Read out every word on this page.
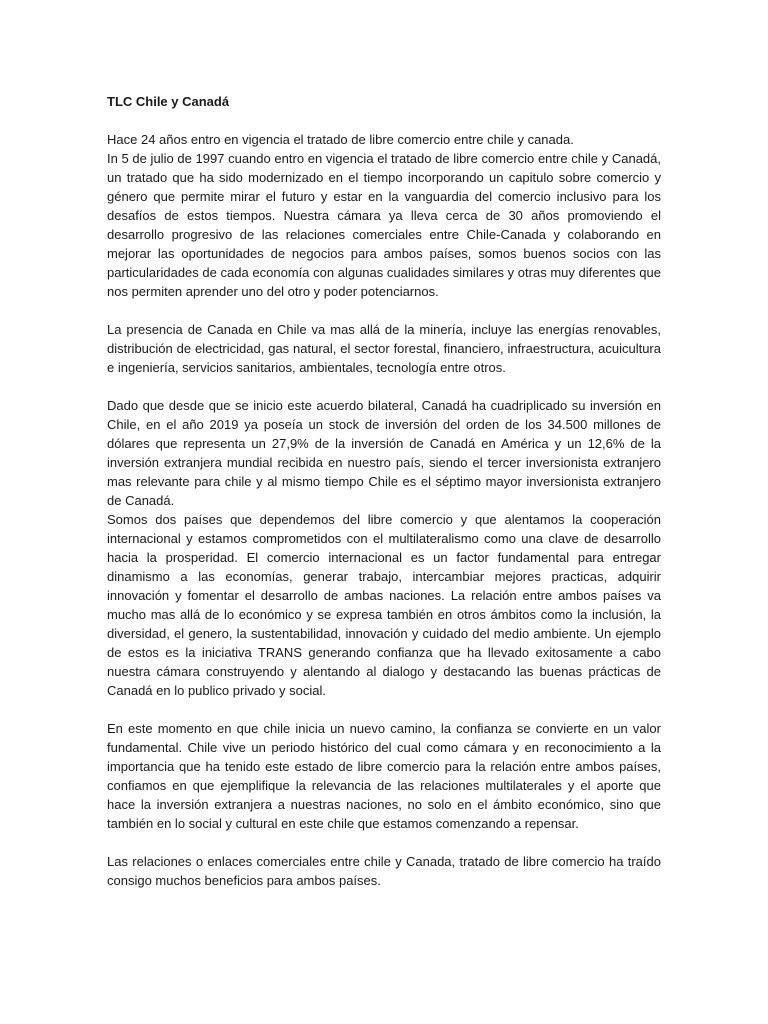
TLC Chile y Canadá

Hace 24 años entro en vigencia el tratado de libre comercio entre chile y canada.

In 5 de julio de 1997 cuando entro en vigencia el tratado de libre comercio entre chile y Canadá, un tratado que ha sido modernizado en el tiempo incorporando un capitulo sobre comercio y género que permite mirar el futuro y estar en la vanguardia del comercio inclusivo para los desafíos de estos tiempos. Nuestra cámara ya lleva cerca de 30 años promoviendo el desarrollo progresivo de las relaciones comerciales entre Chile-Canada y colaborando en mejorar las oportunidades de negocios para ambos países, somos buenos socios con las particularidades de cada economía con algunas cualidades similares y otras muy diferentes que nos permiten aprender uno del otro y poder potenciarnos.

La presencia de Canada en Chile va mas allá de la minería, incluye las energías renovables, distribución de electricidad, gas natural, el sector forestal, financiero, infraestructura, acuicultura e ingeniería, servicios sanitarios, ambientales, tecnología entre otros.

Dado que desde que se inicio este acuerdo bilateral, Canadá ha cuadriplicado su inversión en Chile, en el año 2019 ya poseía un stock de inversión del orden de los 34.500 millones de dólares que representa un 27,9% de la inversión de Canadá en América y un 12,6% de la inversión extranjera mundial recibida en nuestro país, siendo el tercer inversionista extranjero mas relevante para chile y al mismo tiempo Chile es el séptimo mayor inversionista extranjero de Canadá.

Somos dos países que dependemos del libre comercio y que alentamos la cooperación internacional y estamos comprometidos con el multilateralismo como una clave de desarrollo hacia la prosperidad. El comercio internacional es un factor fundamental para entregar dinamismo a las economías, generar trabajo, intercambiar mejores practicas, adquirir innovación y fomentar el desarrollo de ambas naciones. La relación entre ambos países va mucho mas allá de lo económico y se expresa también en otros ámbitos como la inclusión, la diversidad, el genero, la sustentabilidad, innovación y cuidado del medio ambiente. Un ejemplo de estos es la iniciativa TRANS generando confianza que ha llevado exitosamente a cabo nuestra cámara construyendo y alentando al dialogo y destacando las buenas prácticas de Canadá en lo publico privado y social.

En este momento en que chile inicia un nuevo camino, la confianza se convierte en un valor fundamental. Chile vive un periodo histórico del cual como cámara y en reconocimiento a la importancia que ha tenido este estado de libre comercio para la relación entre ambos países, confiamos en que ejemplifique la relevancia de las relaciones multilaterales y el aporte que hace la inversión extranjera a nuestras naciones, no solo en el ámbito económico, sino que también en lo social y cultural en este chile que estamos comenzando a repensar.

Las relaciones o enlaces comerciales entre chile y Canada, tratado de libre comercio ha traído consigo muchos beneficios para ambos países.
